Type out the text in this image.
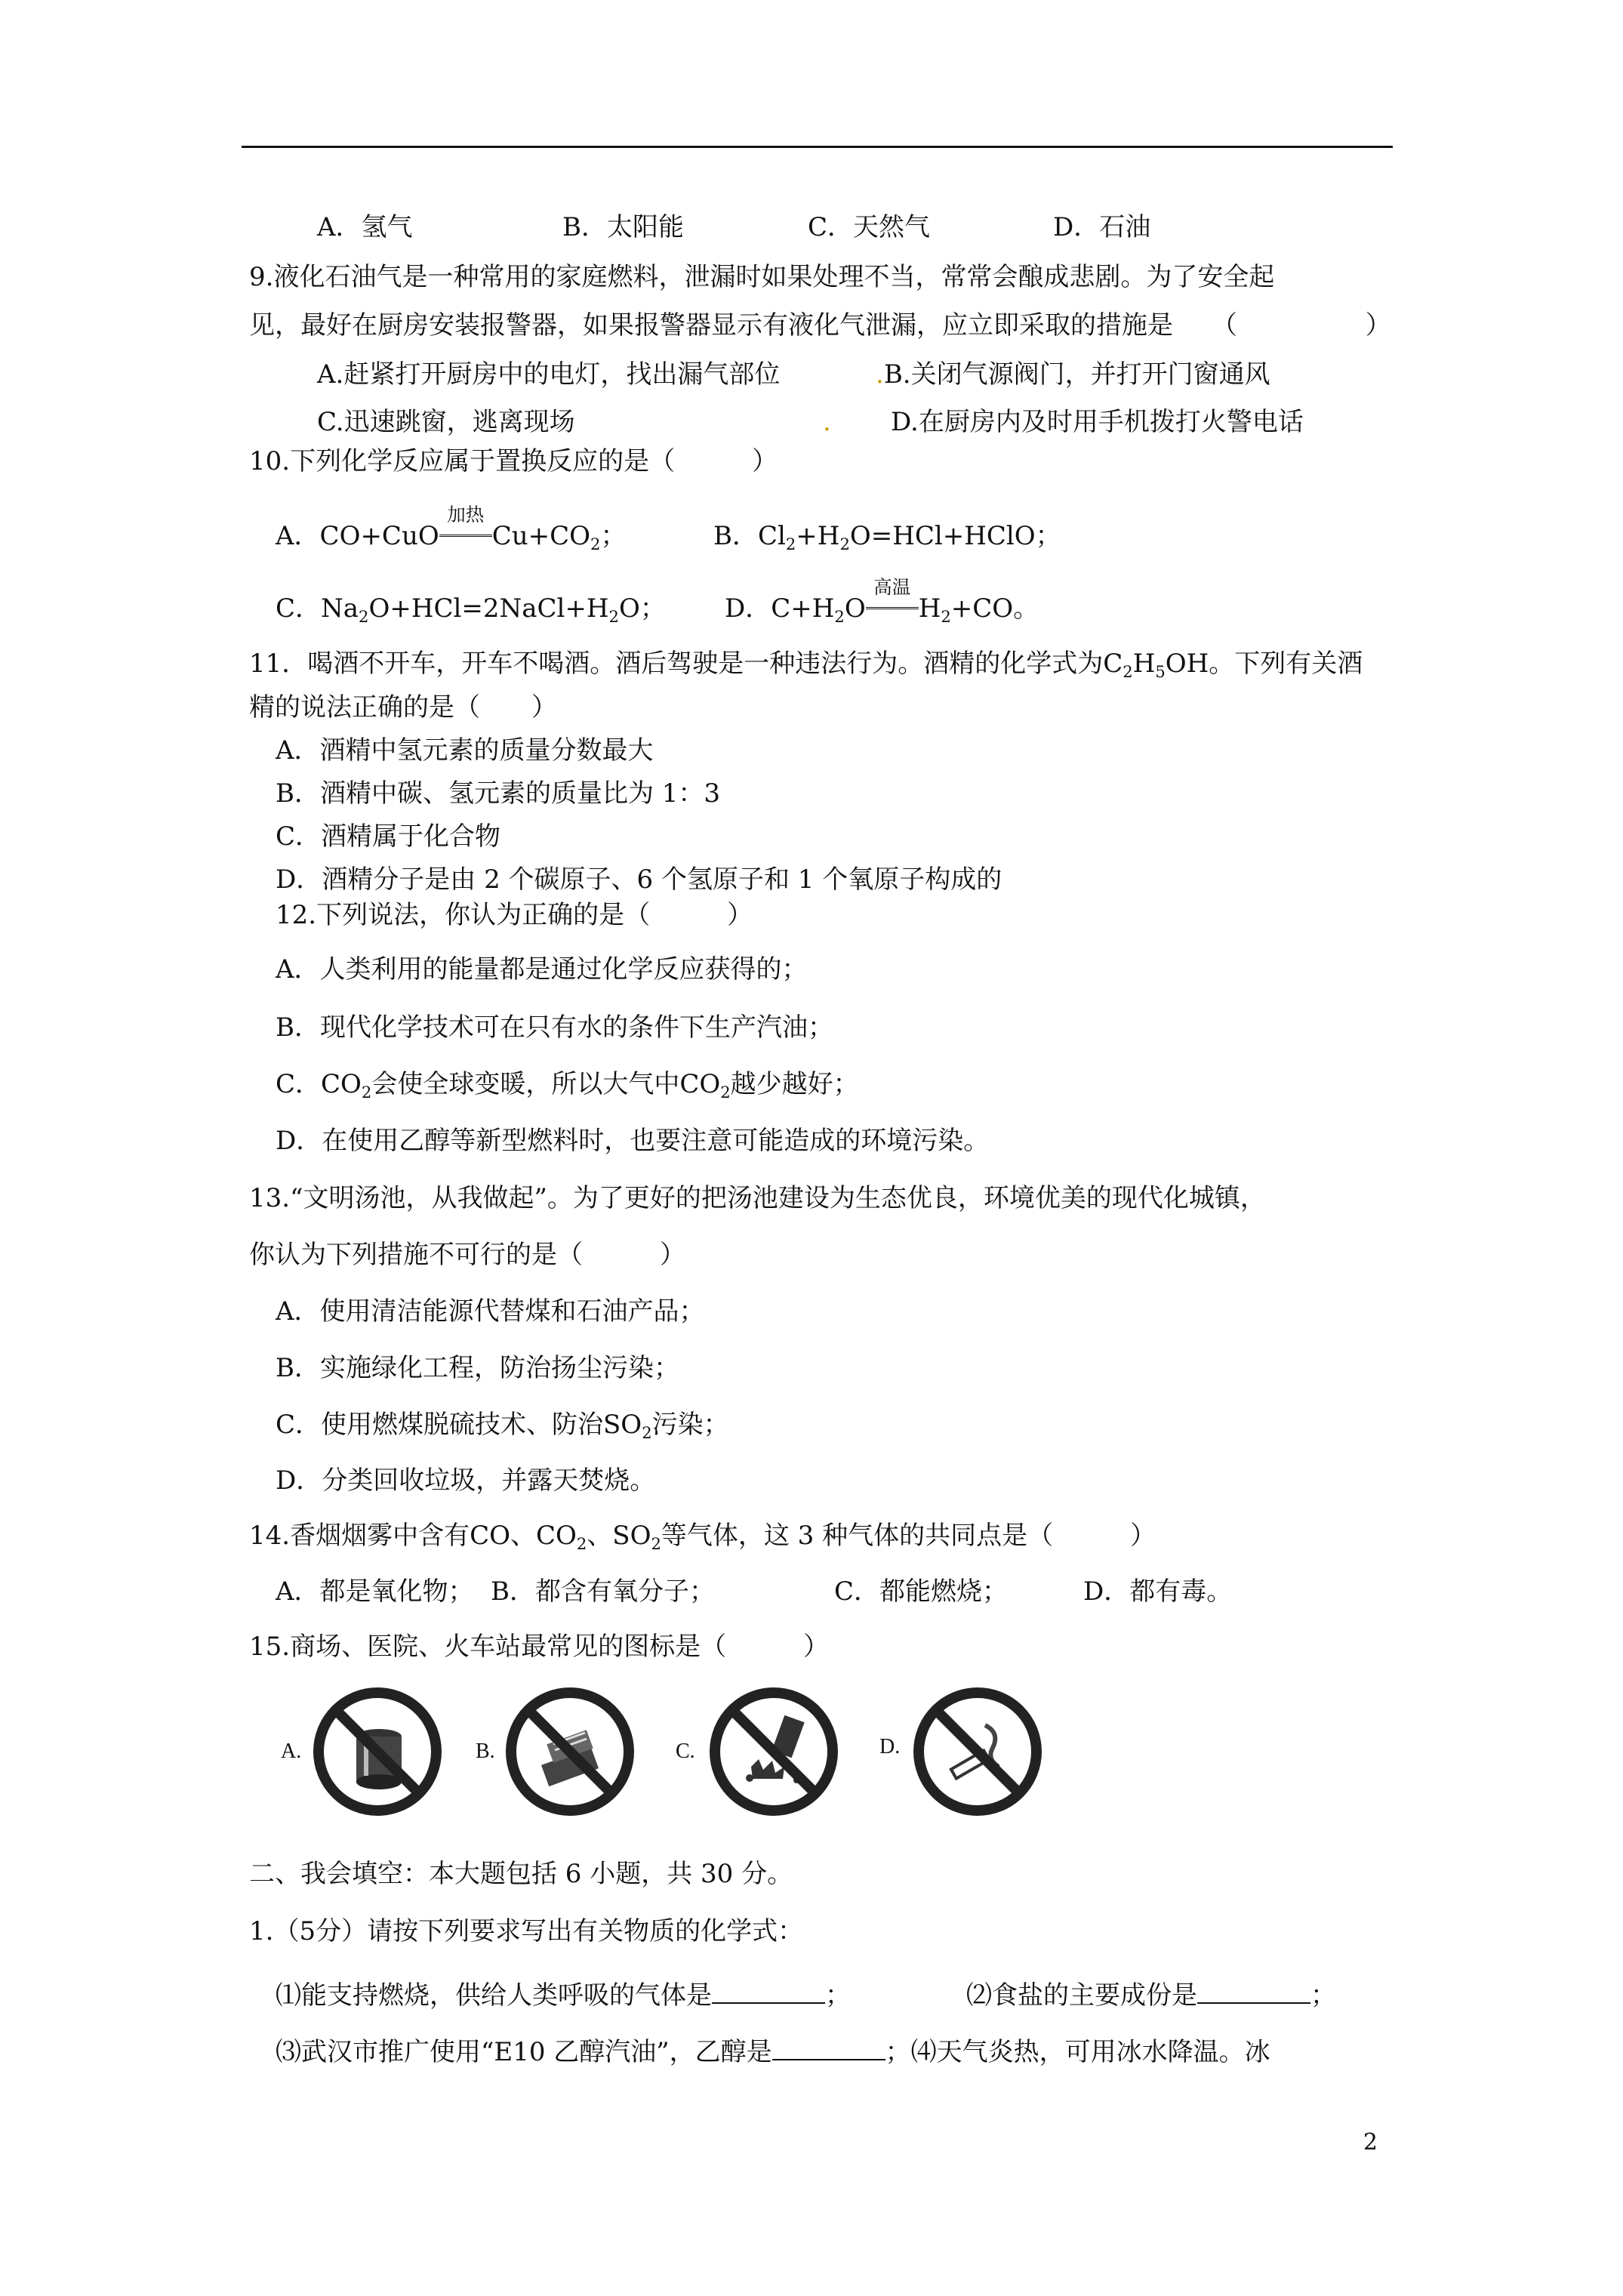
A．氢气	B．太阳能	C．天然气	D．石油
9.液化石油气是一种常用的家庭燃料，泄漏时如果处理不当，常常会酿成悲剧。为了安全起
见，最好在厨房安装报警器，如果报警器显示有液化气泄漏，应立即采取的措施是 （　　　　　）
A.赶紧打开厨房中的电灯，找出漏气部位	.B.关闭气源阀门，并打开门窗通风
C.迅速跳窗，逃离现场	. D.在厨房内及时用手机拨打火警电话
10.下列化学反应属于置换反应的是（　　　）
A．CO+CuO
加热
$Cu+CO_2$；	B．$Cl_2+H_2O=HCl+HClO$；
C．$Na_2O+HCl=2NaCl+H_2O$； D．$C+H_2O$
高温
$H_2+CO$。
11．喝酒不开车，开车不喝酒。酒后驾驶是一种违法行为。酒精的化学式为$C_2H_5OH$。下列有关酒
精的说法正确的是（　　）
A．酒精中氢元素的质量分数最大
B．酒精中碳、氢元素的质量比为 1：3
C．酒精属于化合物
D．酒精分子是由 2 个碳原子、6 个氢原子和 1 个氧原子构成的
12.下列说法，你认为正确的是（　　　）
A．人类利用的能量都是通过化学反应获得的；
B．现代化学技术可在只有水的条件下生产汽油；
C．$CO_2$会使全球变暖，所以大气中$CO_2$越少越好；
D．在使用乙醇等新型燃料时，也要注意可能造成的环境污染。
13.“文明汤池，从我做起”。为了更好的把汤池建设为生态优良，环境优美的现代化城镇，
你认为下列措施不可行的是（　　　）
A．使用清洁能源代替煤和石油产品；
B．实施绿化工程，防治扬尘污染；
C．使用燃煤脱硫技术、防治$SO_2$污染；
D．分类回收垃圾，并露天焚烧。
14.香烟烟雾中含有CO、$CO_2$、$SO_2$等气体，这 3 种气体的共同点是（　　　）
A．都是氧化物； B．都含有氧分子；	C．都能燃烧；	D．都有毒。
15.商场、医院、火车站最常见的图标是（　　　）
A.	B.	C.	D.
二、我会填空：本大题包括 6 小题，共 30 分。
1.（5分）请按下列要求写出有关物质的化学式：
⑴能支持燃烧，供给人类呼吸的气体是	；	⑵食盐的主要成份是	；
⑶武汉市推广使用“E10 乙醇汽油”，乙醇是	；⑷天气炎热，可用冰水降温。冰
2
